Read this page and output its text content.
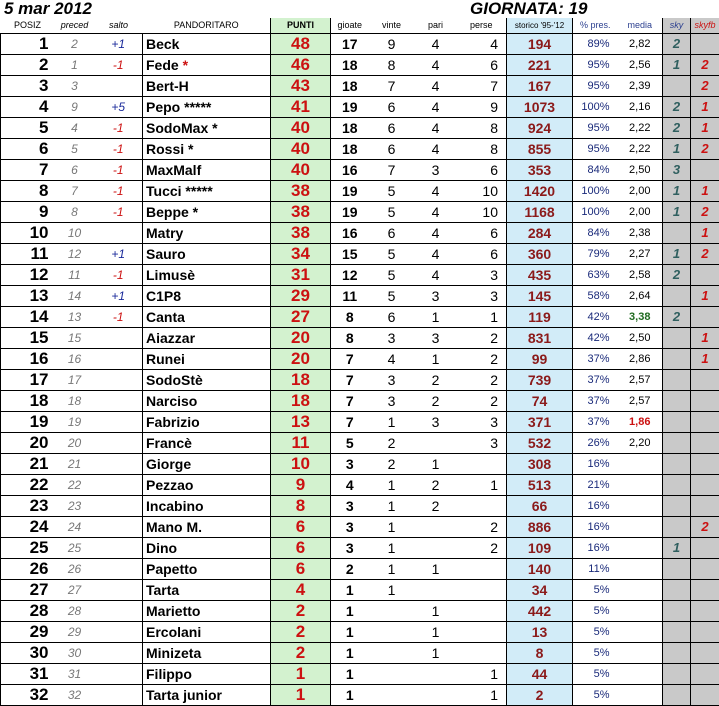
5 mar 2012	GIORNATA: 19
POSIZ	preced	salto	PANDORITARO	PUNTI	gioate	vinte	pari	perse	storico '95-'12	% pres.	media	sky	skyfb
1	2	+1	Beck	48	17	9	4	4	194	89%	2,82	2	
2	1	-1	Fede *	46	18	8	4	6	221	95%	2,56	1	2
3	3		Bert-H	43	18	7	4	7	167	95%	2,39		2
4	9	+5	Pepo *****	41	19	6	4	9	1073	100%	2,16	2	1
5	4	-1	SodoMax *	40	18	6	4	8	924	95%	2,22	2	1
6	5	-1	Rossi *	40	18	6	4	8	855	95%	2,22	1	2
7	6	-1	MaxMalf	40	16	7	3	6	353	84%	2,50	3	
8	7	-1	Tucci *****	38	19	5	4	10	1420	100%	2,00	1	1
9	8	-1	Beppe *	38	19	5	4	10	1168	100%	2,00	1	2
10	10		Matry	38	16	6	4	6	284	84%	2,38		1
11	12	+1	Sauro	34	15	5	4	6	360	79%	2,27	1	2
12	11	-1	Limusè	31	12	5	4	3	435	63%	2,58	2	
13	14	+1	C1P8	29	11	5	3	3	145	58%	2,64		1
14	13	-1	Canta	27	8	6	1	1	119	42%	3,38	2	
15	15		Aiazzar	20	8	3	3	2	831	42%	2,50		1
16	16		Runei	20	7	4	1	2	99	37%	2,86		1
17	17		SodoStè	18	7	3	2	2	739	37%	2,57		
18	18		Narciso	18	7	3	2	2	74	37%	2,57		
19	19		Fabrizio	13	7	1	3	3	371	37%	1,86		
20	20		Francè	11	5	2		3	532	26%	2,20		
21	21		Giorge	10	3	2	1		308	16%			
22	22		Pezzao	9	4	1	2	1	513	21%			
23	23		Incabino	8	3	1	2		66	16%			
24	24		Mano M.	6	3	1		2	886	16%			2
25	25		Dino	6	3	1		2	109	16%		1	
26	26		Papetto	6	2	1	1		140	11%			
27	27		Tarta	4	1	1			34	5%			
28	28		Marietto	2	1		1		442	5%			
29	29		Ercolani	2	1		1		13	5%			
30	30		Minizeta	2	1		1		8	5%			
31	31		Filippo	1	1			1	44	5%			
32	32		Tarta junior	1	1			1	2	5%			
